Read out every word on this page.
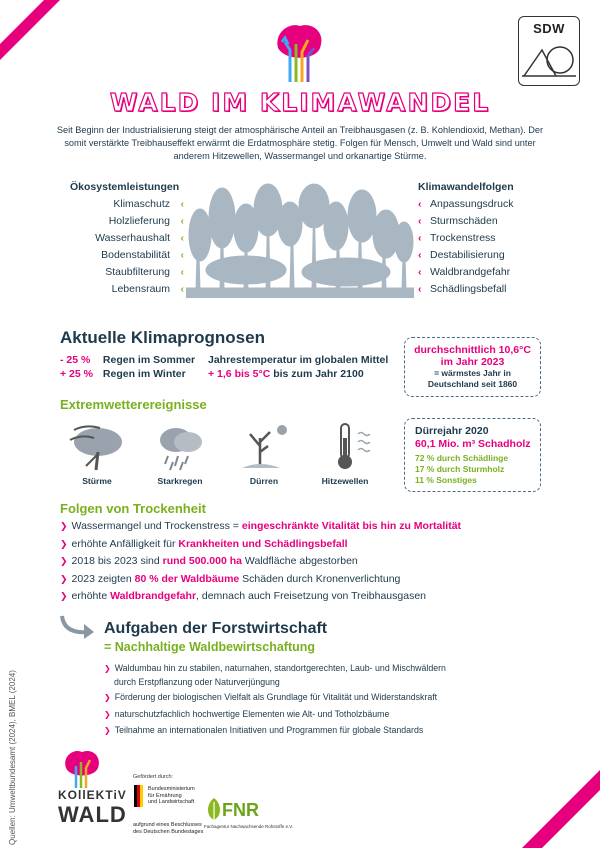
SDW
WALD IM KLIMAWANDEL
Seit Beginn der Industrialisierung steigt der atmosphärische Anteil an Treibhausgasen (z. B. Kohlendioxid, Methan). Der somit verstärkte Treibhauseffekt erwärmt die Erdatmosphäre stetig. Folgen für Mensch, Umwelt und Wald sind unter anderem Hitzewellen, Wassermangel und orkanartige Stürme.
Ökosystemleistungen
Klimaschutz ‹
Holzlieferung ‹
Wasserhaushalt ‹
Bodenstabilität ‹
Staubfilterung ‹
Lebensraum ‹
Klimawandelfolgen
‹ Anpassungsdruck
‹ Sturmschäden
‹ Trockenstress
‹ Destabilisierung
‹ Waldbrandgefahr
‹ Schädlingsbefall
Aktuelle Klimaprognosen
- 25 % Regen im Sommer
+ 25 % Regen im Winter
Jahrestemperatur im globalen Mittel
+ 1,6 bis 5°C bis zum Jahr 2100
durchschnittlich 10,6°C
im Jahr 2023
= wärmstes Jahr in
Deutschland seit 1860
Extremwetterereignisse
Stürme	Starkregen	Dürren	Hitzewellen
Dürrejahr 2020
60,1 Mio. m³ Schadholz
72 % durch Schädlinge
17 % durch Sturmholz
11 % Sonstiges
Folgen von Trockenheit
❯ Wassermangel und Trockenstress = eingeschränkte Vitalität bis hin zu Mortalität
❯ erhöhte Anfälligkeit für Krankheiten und Schädlingsbefall
❯ 2018 bis 2023 sind rund 500.000 ha Waldfläche abgestorben
❯ 2023 zeigten 80 % der Waldbäume Schäden durch Kronenverlichtung
❯ erhöhte Waldbrandgefahr, demnach auch Freisetzung von Treibhausgasen
Aufgaben der Forstwirtschaft
= Nachhaltige Waldbewirtschaftung
❯ Waldumbau hin zu stabilen, naturnahen, standortgerechten, Laub- und Mischwäldern
durch Erstpflanzung oder Naturverjüngung
❯ Förderung der biologischen Vielfalt als Grundlage für Vitalität und Widerstandskraft
❯ naturschutzfachlich hochwertige Elementen wie Alt- und Totholzbäume
❯ Teilnahme an internationalen Initiativen und Programmen für globale Standards
KOllEKTiV
WALD
Gefördert durch:
Bundesministerium
für Ernährung
und Landwirtschaft
aufgrund eines Beschlusses
des Deutschen Bundestages
FNR
Fachagentur Nachwachsende Rohstoffe e.V.
Quellen: Umweltbundesamt (2024), BMEL (2024)
